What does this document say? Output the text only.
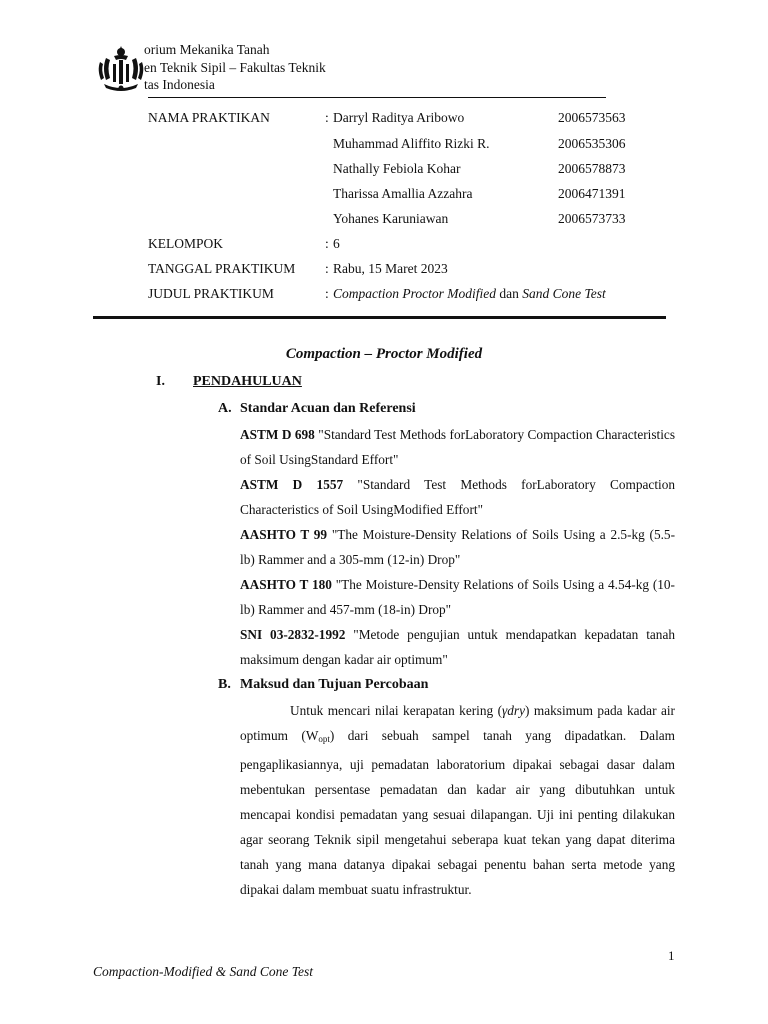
orium Mekanika Tanah
en Teknik Sipil – Fakultas Teknik
tas Indonesia
NAMA PRAKTIKAN	: Darryl Raditya Aribowo	2006573563
Muhammad Aliffito Rizki R.	2006535306
Nathally Febiola Kohar	2006578873
Tharissa Amallia Azzahra	2006471391
Yohanes Karuniawan	2006573733
KELOMPOK	: 6
TANGGAL PRAKTIKUM : Rabu, 15 Maret 2023
JUDUL PRAKTIKUM	: Compaction Proctor Modified dan Sand Cone Test
Compaction – Proctor Modified
I. PENDAHULUAN
A. Standar Acuan dan Referensi
ASTM D 698 "Standard Test Methods forLaboratory Compaction Characteristics of Soil UsingStandard Effort"
ASTM D 1557 "Standard Test Methods forLaboratory Compaction Characteristics of Soil UsingModified Effort"
AASHTO T 99 "The Moisture-Density Relations of Soils Using a 2.5-kg (5.5- lb) Rammer and a 305-mm (12-in) Drop"
AASHTO T 180 "The Moisture-Density Relations of Soils Using a 4.54-kg (10- lb) Rammer and 457-mm (18-in) Drop"
SNI 03-2832-1992 "Metode pengujian untuk mendapatkan kepadatan tanah maksimum dengan kadar air optimum"
B. Maksud dan Tujuan Percobaan
Untuk mencari nilai kerapatan kering (γdry) maksimum pada kadar air optimum $(W_{opt})$ dari sebuah sampel tanah yang dipadatkan. Dalam pengaplikasiannya, uji pemadatan laboratorium dipakai sebagai dasar dalam mebentukan persentase pemadatan dan kadar air yang dibutuhkan untuk mencapai kondisi pemadatan yang sesuai dilapangan. Uji ini penting dilakukan agar seorang Teknik sipil mengetahui seberapa kuat tekan yang dapat diterima tanah yang mana datanya dipakai sebagai penentu bahan serta metode yang dipakai dalam membuat suatu infrastruktur.
1
Compaction-Modified & Sand Cone Test
